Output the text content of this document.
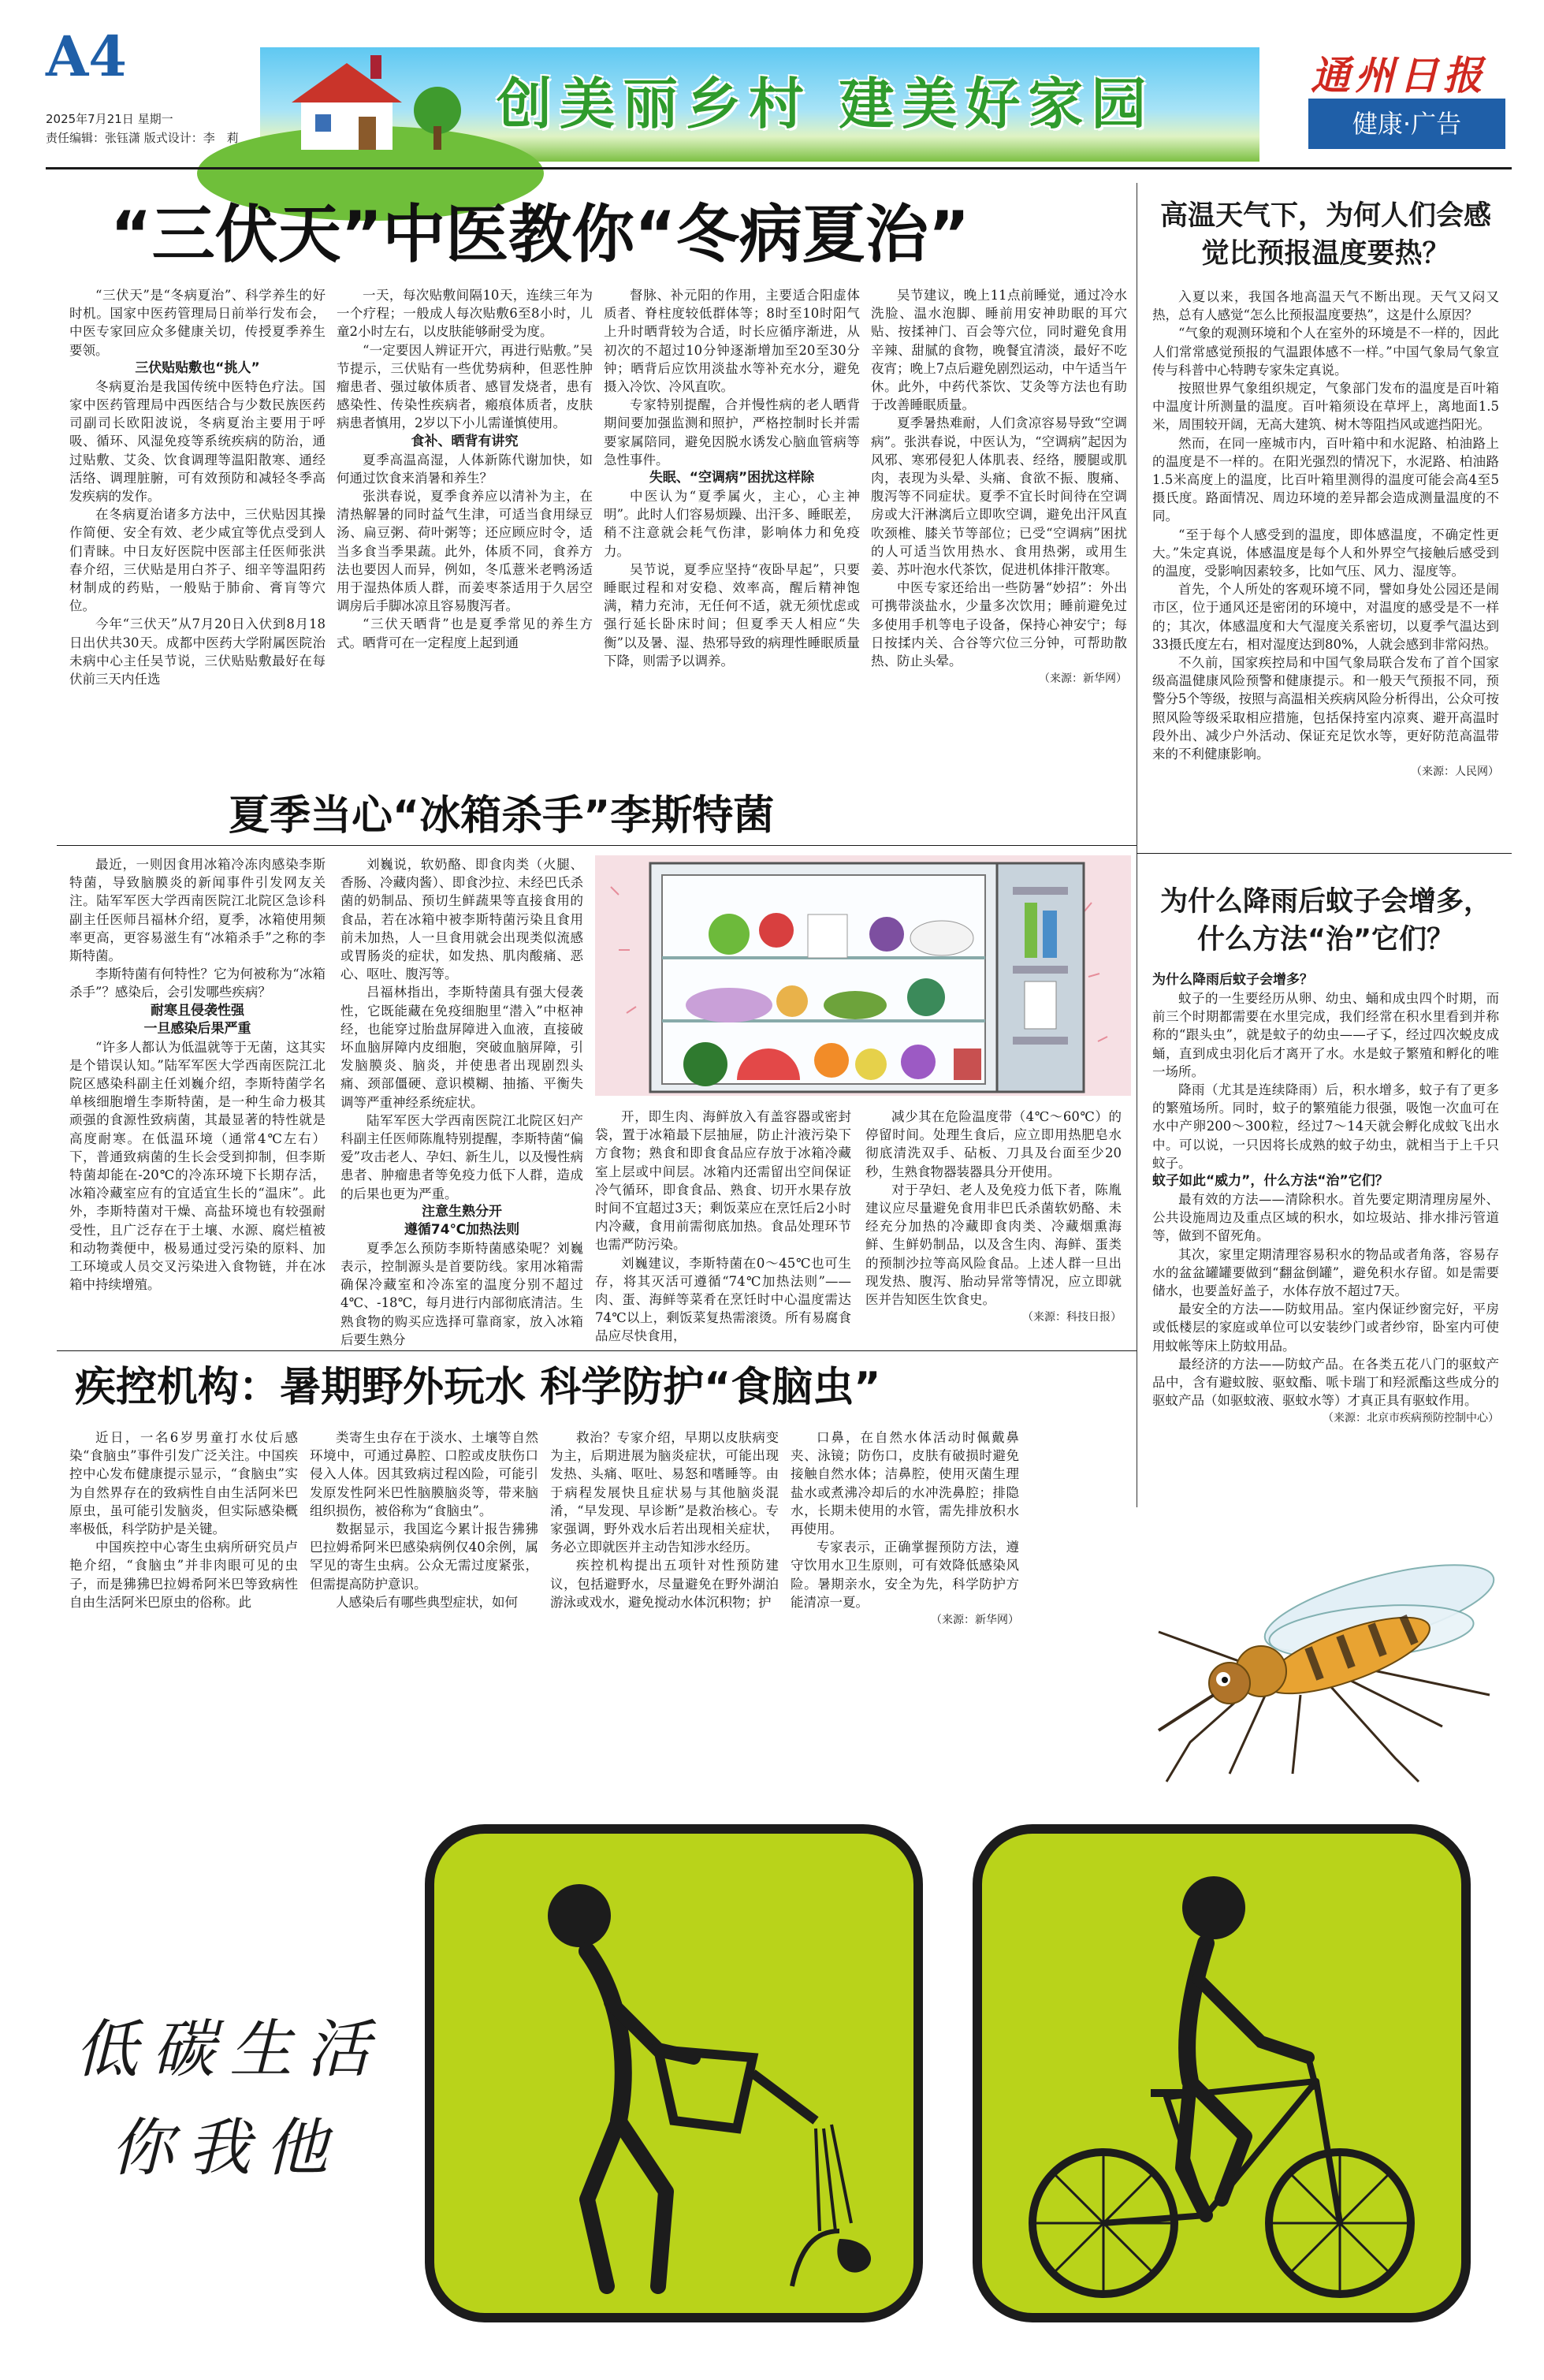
A4
2025年7月21日 星期一
责任编辑：张钰潇 版式设计：李　莉
创美丽乡村 建美好家园	通州日报
健康·广告
“三伏天”中医教你“冬病夏治”

“三伏天”是“冬病夏治”、科学养生的好时机。国家中医药管理局日前举行发布会，中医专家回应众多健康关切，传授夏季养生要领。

三伏贴贴敷也“挑人”

冬病夏治是我国传统中医特色疗法。国家中医药管理局中西医结合与少数民族医药司副司长欧阳波说，冬病夏治主要用于呼吸、循环、风湿免疫等系统疾病的防治，通过贴敷、艾灸、饮食调理等温阳散寒、通经活络、调理脏腑，可有效预防和减轻冬季高发疾病的发作。

在冬病夏治诸多方法中，三伏贴因其操作简便、安全有效、老少咸宜等优点受到人们青睐。中日友好医院中医部主任医师张洪春介绍，三伏贴是用白芥子、细辛等温阳药材制成的药贴，一般贴于肺俞、膏肓等穴位。

今年“三伏天”从7月20日入伏到8月18日出伏共30天。成都中医药大学附属医院治未病中心主任吴节说，三伏贴贴敷最好在每伏前三天内任选

一天，每次贴敷间隔10天，连续三年为一个疗程；一般成人每次贴敷6至8小时，儿童2小时左右，以皮肤能够耐受为度。

“一定要因人辨证开穴，再进行贴敷。”吴节提示，三伏贴有一些优势病种，但恶性肿瘤患者、强过敏体质者、感冒发烧者，患有感染性、传染性疾病者，瘢痕体质者，皮肤病患者慎用，2岁以下小儿需谨慎使用。

食补、晒背有讲究

夏季高温高湿，人体新陈代谢加快，如何通过饮食来消暑和养生？

张洪春说，夏季食养应以清补为主，在清热解暑的同时益气生津，可适当食用绿豆汤、扁豆粥、荷叶粥等；还应顾应时令，适当多食当季果蔬。此外，体质不同，食养方法也要因人而异，例如，冬瓜薏米老鸭汤适用于湿热体质人群，而姜枣茶适用于久居空调房后手脚冰凉且容易腹泻者。

“三伏天晒背”也是夏季常见的养生方式。晒背可在一定程度上起到通

督脉、补元阳的作用，主要适合阳虚体质者、脊柱度较低群体等；8时至10时阳气上升时晒背较为合适，时长应循序渐进，从初次的不超过10分钟逐渐增加至20至30分钟；晒背后应饮用淡盐水等补充水分，避免摄入冷饮、冷风直吹。

专家特别提醒，合并慢性病的老人晒背期间要加强监测和照护，严格控制时长并需要家属陪同，避免因脱水诱发心脑血管病等急性事件。

失眠、“空调病”困扰这样除

中医认为“夏季属火，主心，心主神明”。此时人们容易烦躁、出汗多、睡眠差，稍不注意就会耗气伤津，影响体力和免疫力。

吴节说，夏季应坚持“夜卧早起”，只要睡眠过程和对安稳、效率高，醒后精神饱满，精力充沛，无任何不适，就无须忧虑或强行延长卧床时间；但夏季天人相应“失衡”以及暑、湿、热邪导致的病理性睡眠质量下降，则需予以调养。

吴节建议，晚上11点前睡觉，通过冷水洗脸、温水泡脚、睡前用安神助眠的耳穴贴、按揉神门、百会等穴位，同时避免食用辛辣、甜腻的食物，晚餐宜清淡，最好不吃夜宵；晚上7点后避免剧烈运动，中午适当午休。此外，中药代茶饮、艾灸等方法也有助于改善睡眠质量。

夏季暑热难耐，人们贪凉容易导致“空调病”。张洪春说，中医认为，“空调病”起因为风邪、寒邪侵犯人体肌表、经络，腰腿或肌肉，表现为头晕、头痛、食欲不振、腹痛、腹泻等不同症状。夏季不宜长时间待在空调房或大汗淋漓后立即吹空调，避免出汗风直吹颈椎、膝关节等部位；已受“空调病”困扰的人可适当饮用热水、食用热粥，或用生姜、苏叶泡水代茶饮，促进机体排汗散寒。

中医专家还给出一些防暑“妙招”：外出可携带淡盐水，少量多次饮用；睡前避免过多使用手机等电子设备，保持心神安宁；每日按揉内关、合谷等穴位三分钟，可帮助散热、防止头晕。

（来源：新华网）

高温天气下，为何人们会感觉比预报温度要热？

入夏以来，我国各地高温天气不断出现。天气又闷又热，总有人感觉“怎么比预报温度要热”，这是什么原因？

“气象的观测环境和个人在室外的环境是不一样的，因此人们常常感觉预报的气温跟体感不一样。”中国气象局气象宣传与科普中心特聘专家朱定真说。

按照世界气象组织规定，气象部门发布的温度是百叶箱中温度计所测量的温度。百叶箱须设在草坪上，离地面1.5米，周围较开阔，无高大建筑、树木等阻挡风或遮挡阳光。

然而，在同一座城市内，百叶箱中和水泥路、柏油路上的温度是不一样的。在阳光强烈的情况下，水泥路、柏油路1.5米高度上的温度，比百叶箱里测得的温度可能会高4至5摄氏度。路面情况、周边环境的差异都会造成测量温度的不同。

“至于每个人感受到的温度，即体感温度，不确定性更大。”朱定真说，体感温度是每个人和外界空气接触后感受到的温度，受影响因素较多，比如气压、风力、湿度等。

首先，个人所处的客观环境不同，譬如身处公园还是闹市区，位于通风还是密闭的环境中，对温度的感受是不一样的；其次，体感温度和大气湿度关系密切，以夏季气温达到33摄氏度左右，相对湿度达到80%，人就会感到非常闷热。

不久前，国家疾控局和中国气象局联合发布了首个国家级高温健康风险预警和健康提示。和一般天气预报不同，预警分5个等级，按照与高温相关疾病风险分析得出，公众可按照风险等级采取相应措施，包括保持室内凉爽、避开高温时段外出、减少户外活动、保证充足饮水等，更好防范高温带来的不利健康影响。

（来源：人民网）

夏季当心“冰箱杀手”李斯特菌

最近，一则因食用冰箱冷冻肉感染李斯特菌，导致脑膜炎的新闻事件引发网友关注。陆军军医大学西南医院江北院区急诊科副主任医师吕福林介绍，夏季，冰箱使用频率更高，更容易滋生有“冰箱杀手”之称的李斯特菌。

李斯特菌有何特性？它为何被称为“冰箱杀手”？感染后，会引发哪些疾病？

耐寒且侵袭性强
一旦感染后果严重

“许多人都认为低温就等于无菌，这其实是个错误认知。”陆军军医大学西南医院江北院区感染科副主任刘巍介绍，李斯特菌学名单核细胞增生李斯特菌，是一种生命力极其顽强的食源性致病菌，其最显著的特性就是高度耐寒。在低温环境（通常4℃左右）下，普通致病菌的生长会受到抑制，但李斯特菌却能在-20℃的冷冻环境下长期存活，冰箱冷藏室应有的宜适宜生长的“温床”。此外，李斯特菌对干燥、高盐环境也有较强耐受性，且广泛存在于土壤、水源、腐烂植被和动物粪便中，极易通过受污染的原料、加工环境或人员交叉污染进入食物链，并在冰箱中持续增殖。

刘巍说，软奶酪、即食肉类（火腿、香肠、冷藏肉酱）、即食沙拉、未经巴氏杀菌的奶制品、预切生鲜蔬果等直接食用的食品，若在冰箱中被李斯特菌污染且食用前未加热，人一旦食用就会出现类似流感或胃肠炎的症状，如发热、肌肉酸痛、恶心、呕吐、腹泻等。

吕福林指出，李斯特菌具有强大侵袭性，它既能藏在免疫细胞里“潜入”中枢神经，也能穿过胎盘屏障进入血液，直接破坏血脑屏障内皮细胞，突破血脑屏障，引发脑膜炎、脑炎，并使患者出现剧烈头痛、颈部僵硬、意识模糊、抽搐、平衡失调等严重神经系统症状。

陆军军医大学西南医院江北院区妇产科副主任医师陈胤特别提醒，李斯特菌“偏爱”攻击老人、孕妇、新生儿，以及慢性病患者、肿瘤患者等免疫力低下人群，造成的后果也更为严重。

注意生熟分开
遵循74℃加热法则

夏季怎么预防李斯特菌感染呢？刘巍表示，控制源头是首要防线。家用冰箱需确保冷藏室和冷冻室的温度分别不超过4℃、-18℃，每月进行内部彻底清洁。生熟食物的购买应选择可靠商家，放入冰箱后要生熟分

开，即生肉、海鲜放入有盖容器或密封袋，置于冰箱最下层抽屉，防止汁液污染下方食物；熟食和即食食品应存放于冰箱冷藏室上层或中间层。冰箱内还需留出空间保证冷气循环，即食食品、熟食、切开水果存放时间不宜超过3天；剩饭菜应在烹饪后2小时内冷藏，食用前需彻底加热。食品处理环节也需严防污染。

刘巍建议，李斯特菌在0～45℃也可生存，将其灭活可遵循“74℃加热法则”——肉、蛋、海鲜等菜肴在烹饪时中心温度需达74℃以上，剩饭菜复热需滚烫。所有易腐食品应尽快食用，

减少其在危险温度带（4℃～60℃）的停留时间。处理生食后，应立即用热肥皂水彻底清洗双手、砧板、刀具及台面至少20秒，生熟食物器装器具分开使用。

对于孕妇、老人及免疫力低下者，陈胤建议应尽量避免食用非巴氏杀菌软奶酪、未经充分加热的冷藏即食肉类、冷藏烟熏海鲜、生鲜奶制品，以及含生肉、海鲜、蛋类的预制沙拉等高风险食品。上述人群一旦出现发热、腹泻、胎动异常等情况，应立即就医并告知医生饮食史。

（来源：科技日报）

为什么降雨后蚊子会增多，什么方法“治”它们？

为什么降雨后蚊子会增多？

蚊子的一生要经历从卵、幼虫、蛹和成虫四个时期，而前三个时期都需要在水里完成，我们经常在积水里看到并称称的“跟头虫”，就是蚊子的幼虫——孑孓，经过四次蜕皮成蛹，直到成虫羽化后才离开了水。水是蚊子繁殖和孵化的唯一场所。

降雨（尤其是连续降雨）后，积水增多，蚊子有了更多的繁殖场所。同时，蚊子的繁殖能力很强，吸饱一次血可在水中产卵200～300粒，经过7～14天就会孵化成蚊飞出水中。可以说，一只因将长成熟的蚊子幼虫，就相当于上千只蚊子。

蚊子如此“威力”，什么方法“治”它们？

最有效的方法——清除积水。首先要定期清理房屋外、公共设施周边及重点区域的积水，如垃圾站、排水排污管道等，做到不留死角。

其次，家里定期清理容易积水的物品或者角落，容易存水的盆盆罐罐要做到“翻盆倒罐”，避免积水存留。如是需要储水，也要盖好盖子，水体存放不超过7天。

最安全的方法——防蚊用品。室内保证纱窗完好，平房或低楼层的家庭或单位可以安装纱门或者纱帘，卧室内可使用蚊帐等床上防蚊用品。

最经济的方法——防蚊产品。在各类五花八门的驱蚊产品中，含有避蚊胺、驱蚊酯、哌卡瑞丁和羟派酯这些成分的驱蚊产品（如驱蚊液、驱蚊水等）才真正具有驱蚊作用。

（来源：北京市疾病预防控制中心）

疾控机构：暑期野外玩水 科学防护“食脑虫”

近日，一名6岁男童打水仗后感染“食脑虫”事件引发广泛关注。中国疾控中心发布健康提示显示，“食脑虫”实为自然界存在的致病性自由生活阿米巴原虫，虽可能引发脑炎，但实际感染概率极低，科学防护是关键。

中国疾控中心寄生虫病所研究员卢艳介绍，“食脑虫”并非肉眼可见的虫子，而是狒狒巴拉姆希阿米巴等致病性自由生活阿米巴原虫的俗称。此

类寄生虫存在于淡水、土壤等自然环境中，可通过鼻腔、口腔或皮肤伤口侵入人体。因其致病过程凶险，可能引发原发性阿米巴性脑膜脑炎等，带来脑组织损伤，被俗称为“食脑虫”。

数据显示，我国迄今累计报告狒狒巴拉姆希阿米巴感染病例仅40余例，属罕见的寄生虫病。公众无需过度紧张，但需提高防护意识。

人感染后有哪些典型症状，如何

救治？专家介绍，早期以皮肤病变为主，后期进展为脑炎症状，可能出现发热、头痛、呕吐、易怒和嗜睡等。由于病程发展快且症状易与其他脑炎混淆，“早发现、早诊断”是救治核心。专家强调，野外戏水后若出现相关症状，务必立即就医并主动告知涉水经历。

疾控机构提出五项针对性预防建议，包括避野水，尽量避免在野外湖泊游泳或戏水，避免搅动水体沉积物；护

口鼻，在自然水体活动时佩戴鼻夹、泳镜；防伤口，皮肤有破损时避免接触自然水体；洁鼻腔，使用灭菌生理盐水或煮沸冷却后的水冲洗鼻腔；排隐水，长期未使用的水管，需先排放积水再使用。

专家表示，正确掌握预防方法，遵守饮用水卫生原则，可有效降低感染风险。暑期亲水，安全为先，科学防护方能清凉一夏。

（来源：新华网）

低碳生活
你我他
